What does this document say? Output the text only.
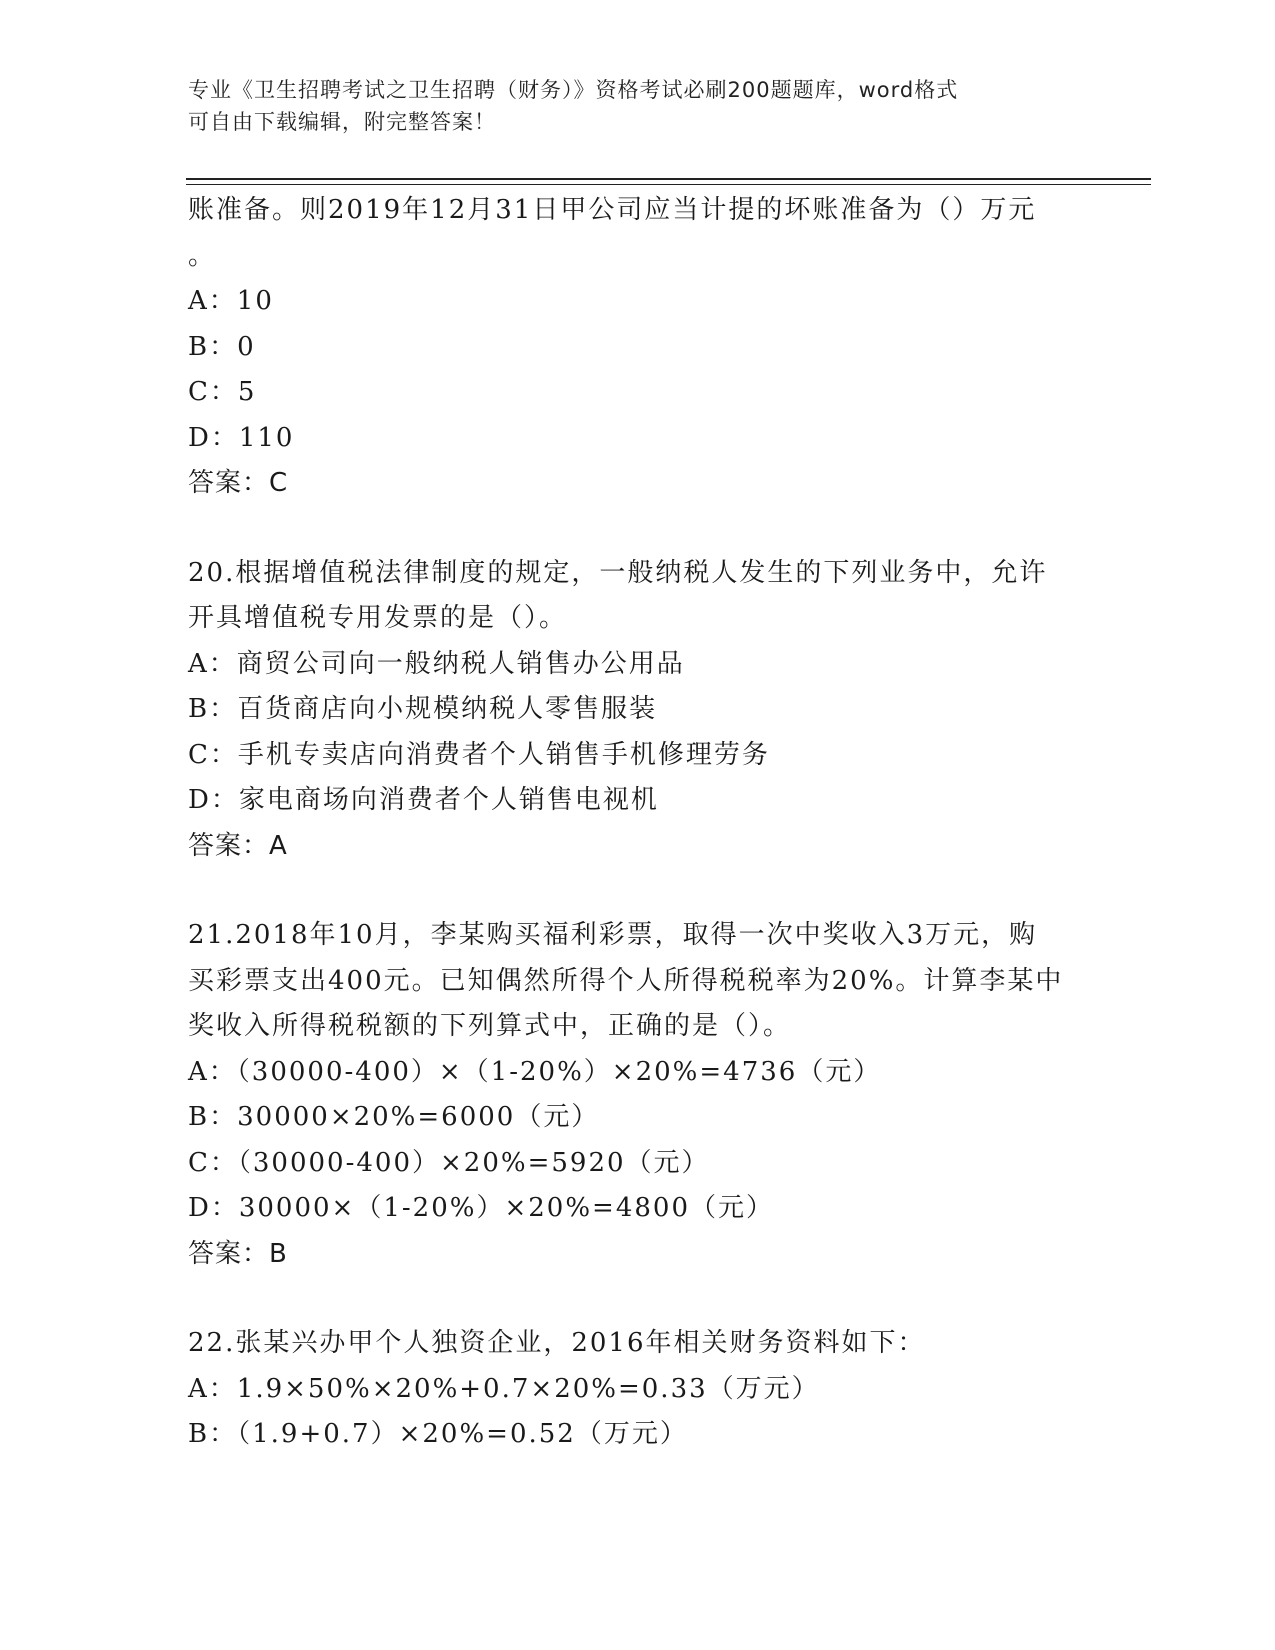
专业《卫生招聘考试之卫生招聘（财务）》资格考试必刷200题题库，word格式
可自由下载编辑，附完整答案！
账准备。则2019年12月31日甲公司应当计提的坏账准备为（）万元
。
A：10
B：0
C：5
D：110
答案：C
20.根据增值税法律制度的规定，一般纳税人发生的下列业务中，允许
开具增值税专用发票的是（）。
A：商贸公司向一般纳税人销售办公用品
B：百货商店向小规模纳税人零售服装
C：手机专卖店向消费者个人销售手机修理劳务
D：家电商场向消费者个人销售电视机
答案：A
21.2018年10月，李某购买福利彩票，取得一次中奖收入3万元，购
买彩票支出400元。已知偶然所得个人所得税税率为20%。计算李某中
奖收入所得税税额的下列算式中，正确的是（）。
A：（30000-400）×（1-20%）×20%=4736（元）
B：30000×20%=6000（元）
C：（30000-400）×20%=5920（元）
D：30000×（1-20%）×20%=4800（元）
答案：B
22.张某兴办甲个人独资企业，2016年相关财务资料如下：
A：1.9×50%×20%+0.7×20%=0.33（万元）
B：（1.9+0.7）×20%=0.52（万元）
